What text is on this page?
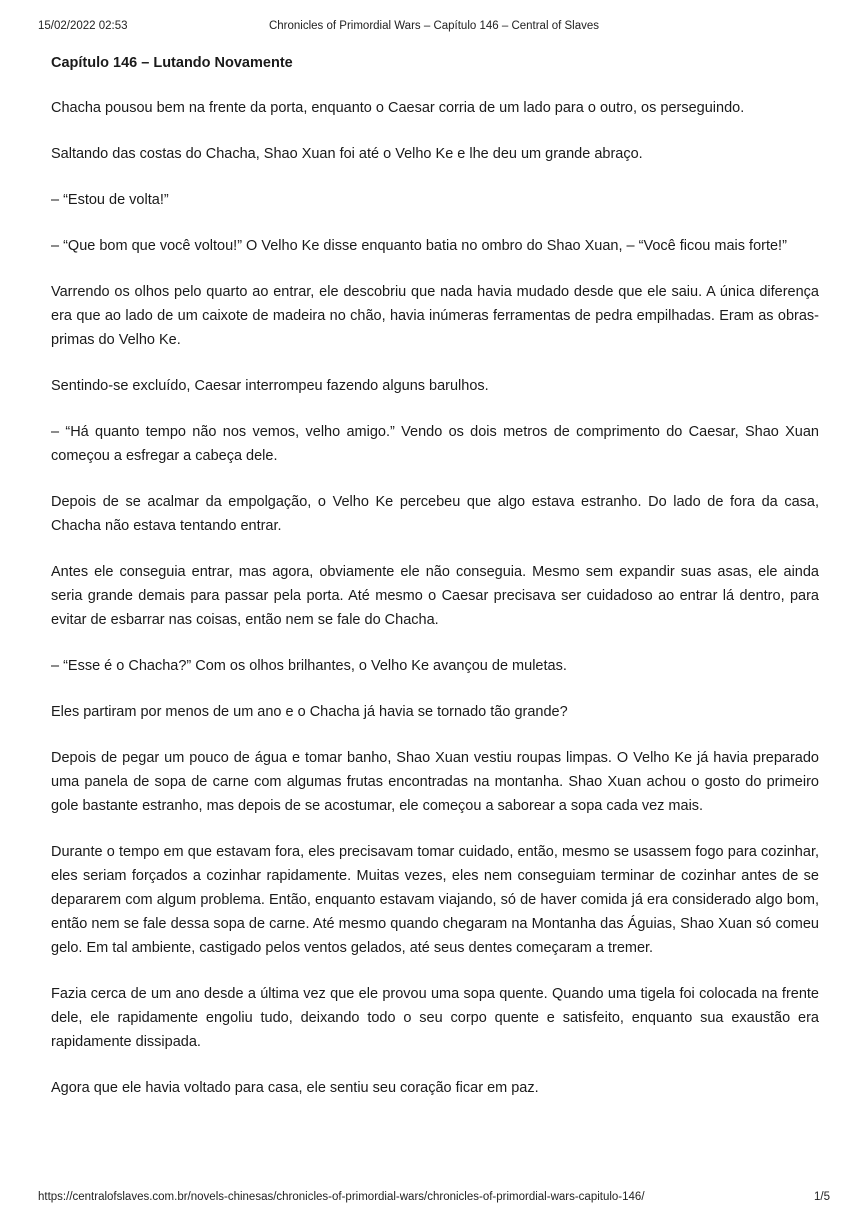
15/02/2022 02:53	Chronicles of Primordial Wars – Capítulo 146 – Central of Slaves
Capítulo 146 – Lutando Novamente

Chacha pousou bem na frente da porta, enquanto o Caesar corria de um lado para o outro, os perseguindo.

Saltando das costas do Chacha, Shao Xuan foi até o Velho Ke e lhe deu um grande abraço.

– “Estou de volta!”

– “Que bom que você voltou!” O Velho Ke disse enquanto batia no ombro do Shao Xuan, – “Você ficou mais forte!”

Varrendo os olhos pelo quarto ao entrar, ele descobriu que nada havia mudado desde que ele saiu. A única diferença era que ao lado de um caixote de madeira no chão, havia inúmeras ferramentas de pedra empilhadas. Eram as obras-primas do Velho Ke.

Sentindo-se excluído, Caesar interrompeu fazendo alguns barulhos.

– “Há quanto tempo não nos vemos, velho amigo.” Vendo os dois metros de comprimento do Caesar, Shao Xuan começou a esfregar a cabeça dele.

Depois de se acalmar da empolgação, o Velho Ke percebeu que algo estava estranho. Do lado de fora da casa, Chacha não estava tentando entrar.

Antes ele conseguia entrar, mas agora, obviamente ele não conseguia. Mesmo sem expandir suas asas, ele ainda seria grande demais para passar pela porta. Até mesmo o Caesar precisava ser cuidadoso ao entrar lá dentro, para evitar de esbarrar nas coisas, então nem se fale do Chacha.

– “Esse é o Chacha?” Com os olhos brilhantes, o Velho Ke avançou de muletas.

Eles partiram por menos de um ano e o Chacha já havia se tornado tão grande?

Depois de pegar um pouco de água e tomar banho, Shao Xuan vestiu roupas limpas. O Velho Ke já havia preparado uma panela de sopa de carne com algumas frutas encontradas na montanha. Shao Xuan achou o gosto do primeiro gole bastante estranho, mas depois de se acostumar, ele começou a saborear a sopa cada vez mais.

Durante o tempo em que estavam fora, eles precisavam tomar cuidado, então, mesmo se usassem fogo para cozinhar, eles seriam forçados a cozinhar rapidamente. Muitas vezes, eles nem conseguiam terminar de cozinhar antes de se depararem com algum problema. Então, enquanto estavam viajando, só de haver comida já era considerado algo bom, então nem se fale dessa sopa de carne. Até mesmo quando chegaram na Montanha das Águias, Shao Xuan só comeu gelo. Em tal ambiente, castigado pelos ventos gelados, até seus dentes começaram a tremer.

Fazia cerca de um ano desde a última vez que ele provou uma sopa quente. Quando uma tigela foi colocada na frente dele, ele rapidamente engoliu tudo, deixando todo o seu corpo quente e satisfeito, enquanto sua exaustão era rapidamente dissipada.

Agora que ele havia voltado para casa, ele sentiu seu coração ficar em paz.

https://centralofslaves.com.br/novels-chinesas/chronicles-of-primordial-wars/chronicles-of-primordial-wars-capitulo-146/	1/5
